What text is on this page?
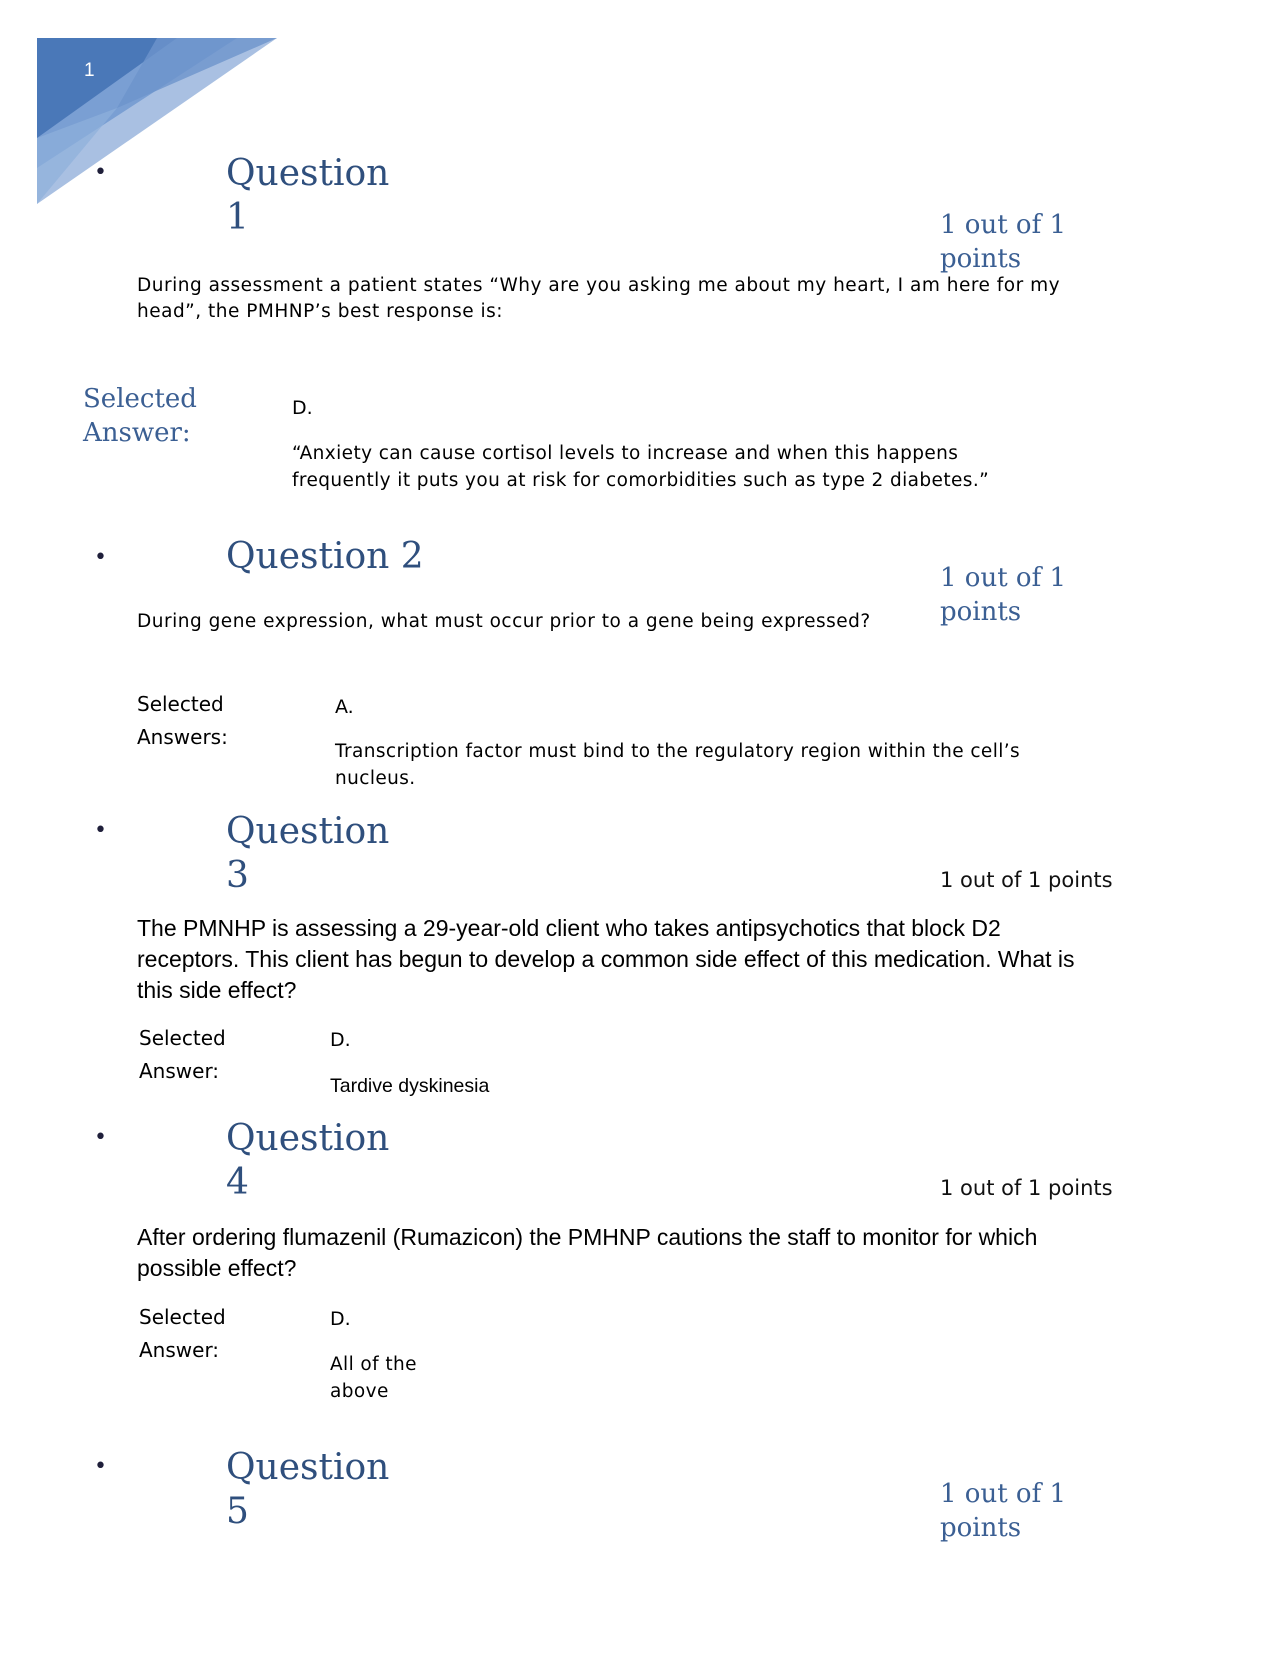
1
•	Question
1	1 out of 1
points
During assessment a patient states “Why are you asking me about my heart, I am here for my head”, the PMHNP’s best response is:
Selected
Answer:
D.
“Anxiety can cause cortisol levels to increase and when this happens frequently it puts you at risk for comorbidities such as type 2 diabetes.”
•	Question 2
1 out of 1
points
During gene expression, what must occur prior to a gene being expressed?
Selected
Answers:
A.
Transcription factor must bind to the regulatory region within the cell’s nucleus.
•	Question
3	1 out of 1 points
The PMNHP is assessing a 29-year-old client who takes antipsychotics that block D2 receptors. This client has begun to develop a common side effect of this medication. What is this side effect?
Selected
Answer:
D.
Tardive dyskinesia
•	Question
4	1 out of 1 points
After ordering flumazenil (Rumazicon) the PMHNP cautions the staff to monitor for which possible effect?
Selected
Answer:
D.
All of the
above
•	Question
5	1 out of 1
points
